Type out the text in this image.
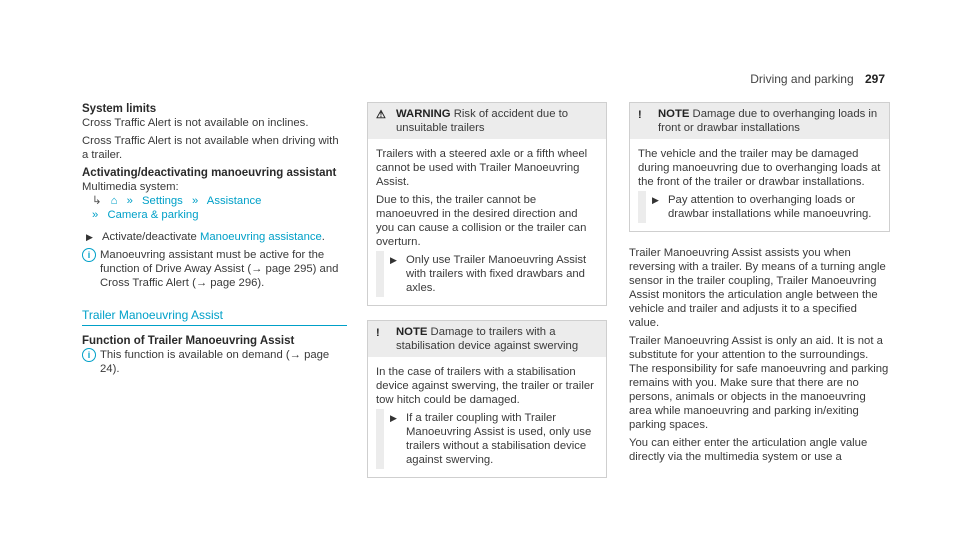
Driving and parking 297
System limits

Cross Traffic Alert is not available on inclines.

Cross Traffic Alert is not available when driving with a trailer.

Activating/deactivating manoeuvring assistant
Multimedia system:
↳ ⌂ » Settings » Assistance
» Camera & parking
▶ Activate/deactivate Manoeuvring assistance.
i Manoeuvring assistant must be active for the function of Drive Away Assist (→ page 295) and Cross Traffic Alert (→ page 296).
Trailer Manoeuvring Assist
Function of Trailer Manoeuvring Assist
i This function is available on demand (→ page 24).
⚠ WARNING Risk of accident due to unsuitable trailers

Trailers with a steered axle or a fifth wheel cannot be used with Trailer Manoeuvring Assist.

Due to this, the trailer cannot be manoeuvred in the desired direction and you can cause a collision or the trailer can overturn.

▶ Only use Trailer Manoeuvring Assist with trailers with fixed drawbars and axles.
! NOTE Damage to trailers with a stabilisation device against swerving

In the case of trailers with a stabilisation device against swerving, the trailer or trailer tow hitch could be damaged.

▶ If a trailer coupling with Trailer Manoeuvring Assist is used, only use trailers without a stabilisation device against swerving.
! NOTE Damage due to overhanging loads in front or drawbar installations

The vehicle and the trailer may be damaged during manoeuvring due to overhanging loads at the front of the trailer or drawbar installations.

▶ Pay attention to overhanging loads or drawbar installations while manoeuvring.

Trailer Manoeuvring Assist assists you when reversing with a trailer. By means of a turning angle sensor in the trailer coupling, Trailer Manoeuvring Assist monitors the articulation angle between the vehicle and trailer and adjusts it to a specified value.

Trailer Manoeuvring Assist is only an aid. It is not a substitute for your attention to the surroundings. The responsibility for safe manoeuvring and parking remains with you. Make sure that there are no persons, animals or objects in the manoeuvring area while manoeuvring and parking in/exiting parking spaces.

You can either enter the articulation angle value directly via the multimedia system or use a
